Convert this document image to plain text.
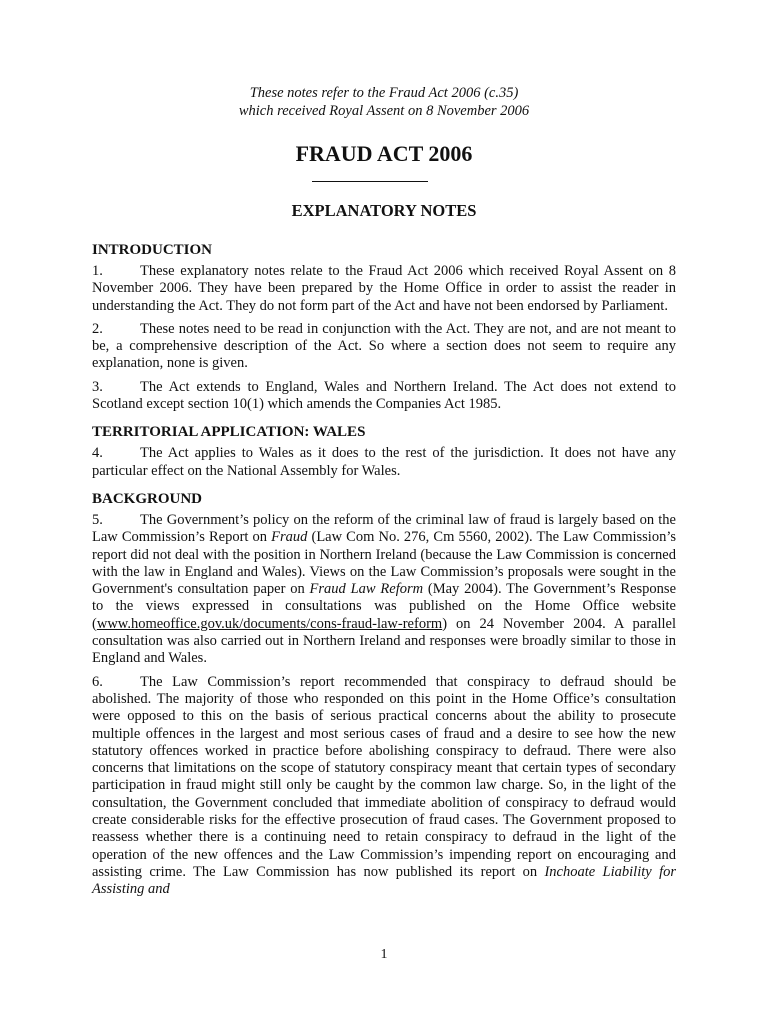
These notes refer to the Fraud Act 2006 (c.35)
which received Royal Assent on 8 November 2006
FRAUD ACT 2006
EXPLANATORY NOTES
INTRODUCTION

1.	These explanatory notes relate to the Fraud Act 2006 which received Royal Assent on 8 November 2006. They have been prepared by the Home Office in order to assist the reader in understanding the Act. They do not form part of the Act and have not been endorsed by Parliament.

2.	These notes need to be read in conjunction with the Act. They are not, and are not meant to be, a comprehensive description of the Act. So where a section does not seem to require any explanation, none is given.

3.	The Act extends to England, Wales and Northern Ireland. The Act does not extend to Scotland except section 10(1) which amends the Companies Act 1985.

TERRITORIAL APPLICATION: WALES

4.	The Act applies to Wales as it does to the rest of the jurisdiction. It does not have any particular effect on the National Assembly for Wales.

BACKGROUND

5.	The Government’s policy on the reform of the criminal law of fraud is largely based on the Law Commission’s Report on Fraud (Law Com No. 276, Cm 5560, 2002). The Law Commission’s report did not deal with the position in Northern Ireland (because the Law Commission is concerned with the law in England and Wales). Views on the Law Commission’s proposals were sought in the Government's consultation paper on Fraud Law Reform (May 2004). The Government’s Response to the views expressed in consultations was published on the Home Office website (www.homeoffice.gov.uk/documents/cons-fraud-law-reform) on 24 November 2004. A parallel consultation was also carried out in Northern Ireland and responses were broadly similar to those in England and Wales.

6.	The Law Commission’s report recommended that conspiracy to defraud should be abolished. The majority of those who responded on this point in the Home Office’s consultation were opposed to this on the basis of serious practical concerns about the ability to prosecute multiple offences in the largest and most serious cases of fraud and a desire to see how the new statutory offences worked in practice before abolishing conspiracy to defraud. There were also concerns that limitations on the scope of statutory conspiracy meant that certain types of secondary participation in fraud might still only be caught by the common law charge. So, in the light of the consultation, the Government concluded that immediate abolition of conspiracy to defraud would create considerable risks for the effective prosecution of fraud cases. The Government proposed to reassess whether there is a continuing need to retain conspiracy to defraud in the light of the operation of the new offences and the Law Commission’s impending report on encouraging and assisting crime. The Law Commission has now published its report on Inchoate Liability for Assisting and

1
